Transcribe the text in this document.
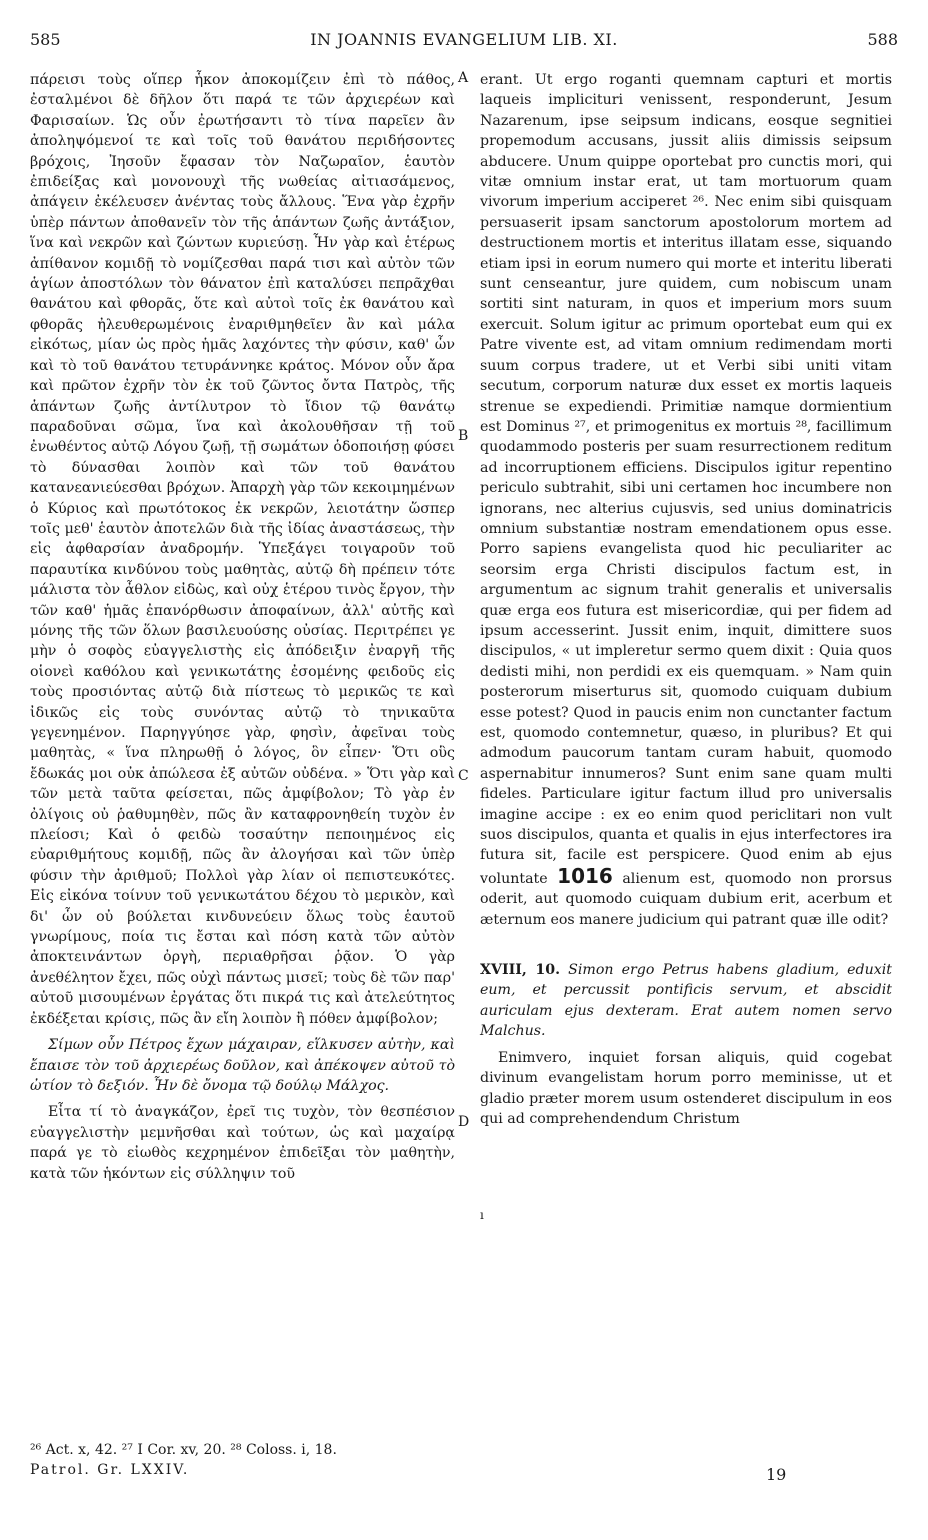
585	IN JOANNIS EVANGELIUM LIB. XI.	588

πάρεισι τοὺς οἵπερ ἧκον ἀποκομίζειν ἐπὶ τὸ πάθος, ἐσταλμένοι δὲ δῆλον ὅτι παρά τε τῶν ἀρχιερέων καὶ Φαρισαίων. Ὡς οὖν ἐρωτήσαντι τὸ τίνα παρεῖεν ἂν ἀποληψόμενοί τε καὶ τοῖς τοῦ θανάτου περιδήσοντες βρόχοις, Ἰησοῦν ἔφασαν τὸν Ναζωραῖον, ἑαυτὸν ἐπιδείξας καὶ μονονουχὶ τῆς νωθείας αἰτιασάμενος, ἀπάγειν ἐκέλευσεν ἀνέντας τοὺς ἄλλους. Ἕνα γὰρ ἐχρῆν ὑπὲρ πάντων ἀποθανεῖν τὸν τῆς ἁπάντων ζωῆς ἀντάξιον, ἵνα καὶ νεκρῶν καὶ ζώντων κυριεύσῃ. Ἦν γὰρ καὶ ἑτέρως ἀπίθανον κομιδῇ τὸ νομίζεσθαι παρά τισι καὶ αὐτὸν τῶν ἁγίων ἀποστόλων τὸν θάνατον ἐπὶ καταλύσει πεπρᾶχθαι θανάτου καὶ φθορᾶς, ὅτε καὶ αὐτοὶ τοῖς ἐκ θανάτου καὶ φθορᾶς ἠλευθερωμένοις ἐναριθμηθεῖεν ἂν καὶ μάλα εἰκότως, μίαν ὡς πρὸς ἡμᾶς λαχόντες τὴν φύσιν, καθ' ὧν καὶ τὸ τοῦ θανάτου τετυράννηκε κράτος. Μόνον οὖν ἄρα καὶ πρῶτον ἐχρῆν τὸν ἐκ τοῦ ζῶντος ὄντα Πατρὸς, τῆς ἁπάντων ζωῆς ἀντίλυτρον τὸ ἴδιον τῷ θανάτῳ παραδοῦναι σῶμα, ἵνα καὶ ἀκολουθῆσαν τῇ τοῦ ἐνωθέντος αὐτῷ Λόγου ζωῇ, τῇ σωμάτων ὁδοποιήσῃ φύσει τὸ δύνασθαι λοιπὸν καὶ τῶν τοῦ θανάτου κατανεανιεύεσθαι βρόχων. Ἀπαρχὴ γὰρ τῶν κεκοιμημένων ὁ Κύριος καὶ πρωτότοκος ἐκ νεκρῶν, λειοτάτην ὥσπερ τοῖς μεθ' ἑαυτὸν ἀποτελῶν διὰ τῆς ἰδίας ἀναστάσεως, τὴν εἰς ἀφθαρσίαν ἀναδρομήν. Ὑπεξάγει τοιγαροῦν τοῦ παραυτίκα κινδύνου τοὺς μαθητὰς, αὐτῷ δὴ πρέπειν τότε μάλιστα τὸν ἆθλον εἰδὼς, καὶ οὐχ ἑτέρου τινὸς ἔργον, τὴν τῶν καθ' ἡμᾶς ἐπανόρθωσιν ἀποφαίνων, ἀλλ' αὐτῆς καὶ μόνης τῆς τῶν ὅλων βασιλευούσης οὐσίας. Περιτρέπει γε μὴν ὁ σοφὸς εὐαγγελιστὴς εἰς ἀπόδειξιν ἐναργῆ τῆς οἱονεὶ καθόλου καὶ γενικωτάτης ἐσομένης φειδοῦς εἰς τοὺς προσιόντας αὐτῷ διὰ πίστεως τὸ μερικῶς τε καὶ ἰδικῶς εἰς τοὺς συνόντας αὐτῷ τὸ τηνικαῦτα γεγενημένον. Παρηγγύησε γὰρ, φησὶν, ἀφεῖναι τοὺς μαθητὰς, « ἵνα πληρωθῇ ὁ λόγος, ὃν εἶπεν· Ὅτι οὓς ἔδωκάς μοι οὐκ ἀπώλεσα ἐξ αὐτῶν οὐδένα. » Ὅτι γὰρ καὶ τῶν μετὰ ταῦτα φείσεται, πῶς ἀμφίβολον; Τὸ γὰρ ἐν ὀλίγοις οὐ ῥαθυμηθὲν, πῶς ἂν καταφρονηθείη τυχὸν ἐν πλείοσι; Καὶ ὁ φειδὼ τοσαύτην πεποιημένος εἰς εὐαριθμήτους κομιδῇ, πῶς ἂν ἀλογήσαι καὶ τῶν ὑπὲρ φύσιν τὴν ἀριθμοῦ; Πολλοὶ γὰρ λίαν οἱ πεπιστευκότες. Εἰς εἰκόνα τοίνυν τοῦ γενικωτάτου δέχου τὸ μερικὸν, καὶ δι' ὧν οὐ βούλεται κινδυνεύειν ὅλως τοὺς ἑαυτοῦ γνωρίμους, ποία τις ἔσται καὶ πόση κατὰ τῶν αὐτὸν ἀποκτεινάντων ὀργὴ, περιαθρῆσαι ῥᾷον. Ὁ γὰρ ἀνεθέλητον ἔχει, πῶς οὐχὶ πάντως μισεῖ; τοὺς δὲ τῶν παρ' αὐτοῦ μισουμένων ἐργάτας ὅτι πικρά τις καὶ ἀτελεύτητος ἐκδέξεται κρίσις, πῶς ἂν εἴη λοιπὸν ἢ πόθεν ἀμφίβολον;

Σίμων οὖν Πέτρος ἔχων μάχαιραν, εἵλκυσεν αὐτὴν, καὶ ἔπαισε τὸν τοῦ ἀρχιερέως δοῦλον, καὶ ἀπέκοψεν αὐτοῦ τὸ ὠτίον τὸ δεξιόν. Ἦν δὲ ὄνομα τῷ δούλῳ Μάλχος.

Εἶτα τί τὸ ἀναγκάζον, ἐρεῖ τις τυχὸν, τὸν θεσπέσιον εὐαγγελιστὴν μεμνῆσθαι καὶ τούτων, ὡς καὶ μαχαίρᾳ παρά γε τὸ εἰωθὸς κεχρημένον ἐπιδεῖξαι τὸν μαθητὴν, κατὰ τῶν ἡκόντων εἰς σύλληψιν τοῦ

A
B
C
D

erant. Ut ergo roganti quemnam capturi et mortis laqueis implicituri venissent, responderunt, Jesum Nazarenum, ipse seipsum indicans, eosque segnitiei propemodum accusans, jussit aliis dimissis seipsum abducere. Unum quippe oportebat pro cunctis mori, qui vitæ omnium instar erat, ut tam mortuorum quam vivorum imperium acciperet ²⁶. Nec enim sibi quisquam persuaserit ipsam sanctorum apostolorum mortem ad destructionem mortis et interitus illatam esse, siquando etiam ipsi in eorum numero qui morte et interitu liberati sunt censeantur, jure quidem, cum nobiscum unam sortiti sint naturam, in quos et imperium mors suum exercuit. Solum igitur ac primum oportebat eum qui ex Patre vivente est, ad vitam omnium redimendam morti suum corpus tradere, ut et Verbi sibi uniti vitam secutum, corporum naturæ dux esset ex mortis laqueis strenue se expediendi. Primitiæ namque dormientium est Dominus ²⁷, et primogenitus ex mortuis ²⁸, facillimum quodammodo posteris per suam resurrectionem reditum ad incorruptionem efficiens. Discipulos igitur repentino periculo subtrahit, sibi uni certamen hoc incumbere non ignorans, nec alterius cujusvis, sed unius dominatricis omnium substantiæ nostram emendationem opus esse. Porro sapiens evangelista quod hic peculiariter ac seorsim erga Christi discipulos factum est, in argumentum ac signum trahit generalis et universalis quæ erga eos futura est misericordiæ, qui per fidem ad ipsum accesserint. Jussit enim, inquit, dimittere suos discipulos, « ut impleretur sermo quem dixit : Quia quos dedisti mihi, non perdidi ex eis quemquam. » Nam quin posterorum miserturus sit, quomodo cuiquam dubium esse potest? Quod in paucis enim non cunctanter factum est, quomodo contemnetur, quæso, in pluribus? Et qui admodum paucorum tantam curam habuit, quomodo aspernabitur innumeros? Sunt enim sane quam multi fideles. Particulare igitur factum illud pro universalis imagine accipe : ex eo enim quod periclitari non vult suos discipulos, quanta et qualis in ejus interfectores ira futura sit, facile est perspicere. Quod enim ab ejus voluntate 1016 alienum est, quomodo non prorsus oderit, aut quomodo cuiquam dubium erit, acerbum et æternum eos manere judicium qui patrant quæ ille odit?

XVIII, 10. Simon ergo Petrus habens gladium, eduxit eum, et percussit pontificis servum, et abscidit auriculam ejus dexteram. Erat autem nomen servo Malchus.

Enimvero, inquiet forsan aliquis, quid cogebat divinum evangelistam horum porro meminisse, ut et gladio præter morem usum ostenderet discipulum in eos qui ad comprehendendum Christum

ı
²⁶ Act. x, 42. ²⁷ I Cor. xv, 20. ²⁸ Coloss. i, 18.
Patrol. Gr. LXXIV.	19
